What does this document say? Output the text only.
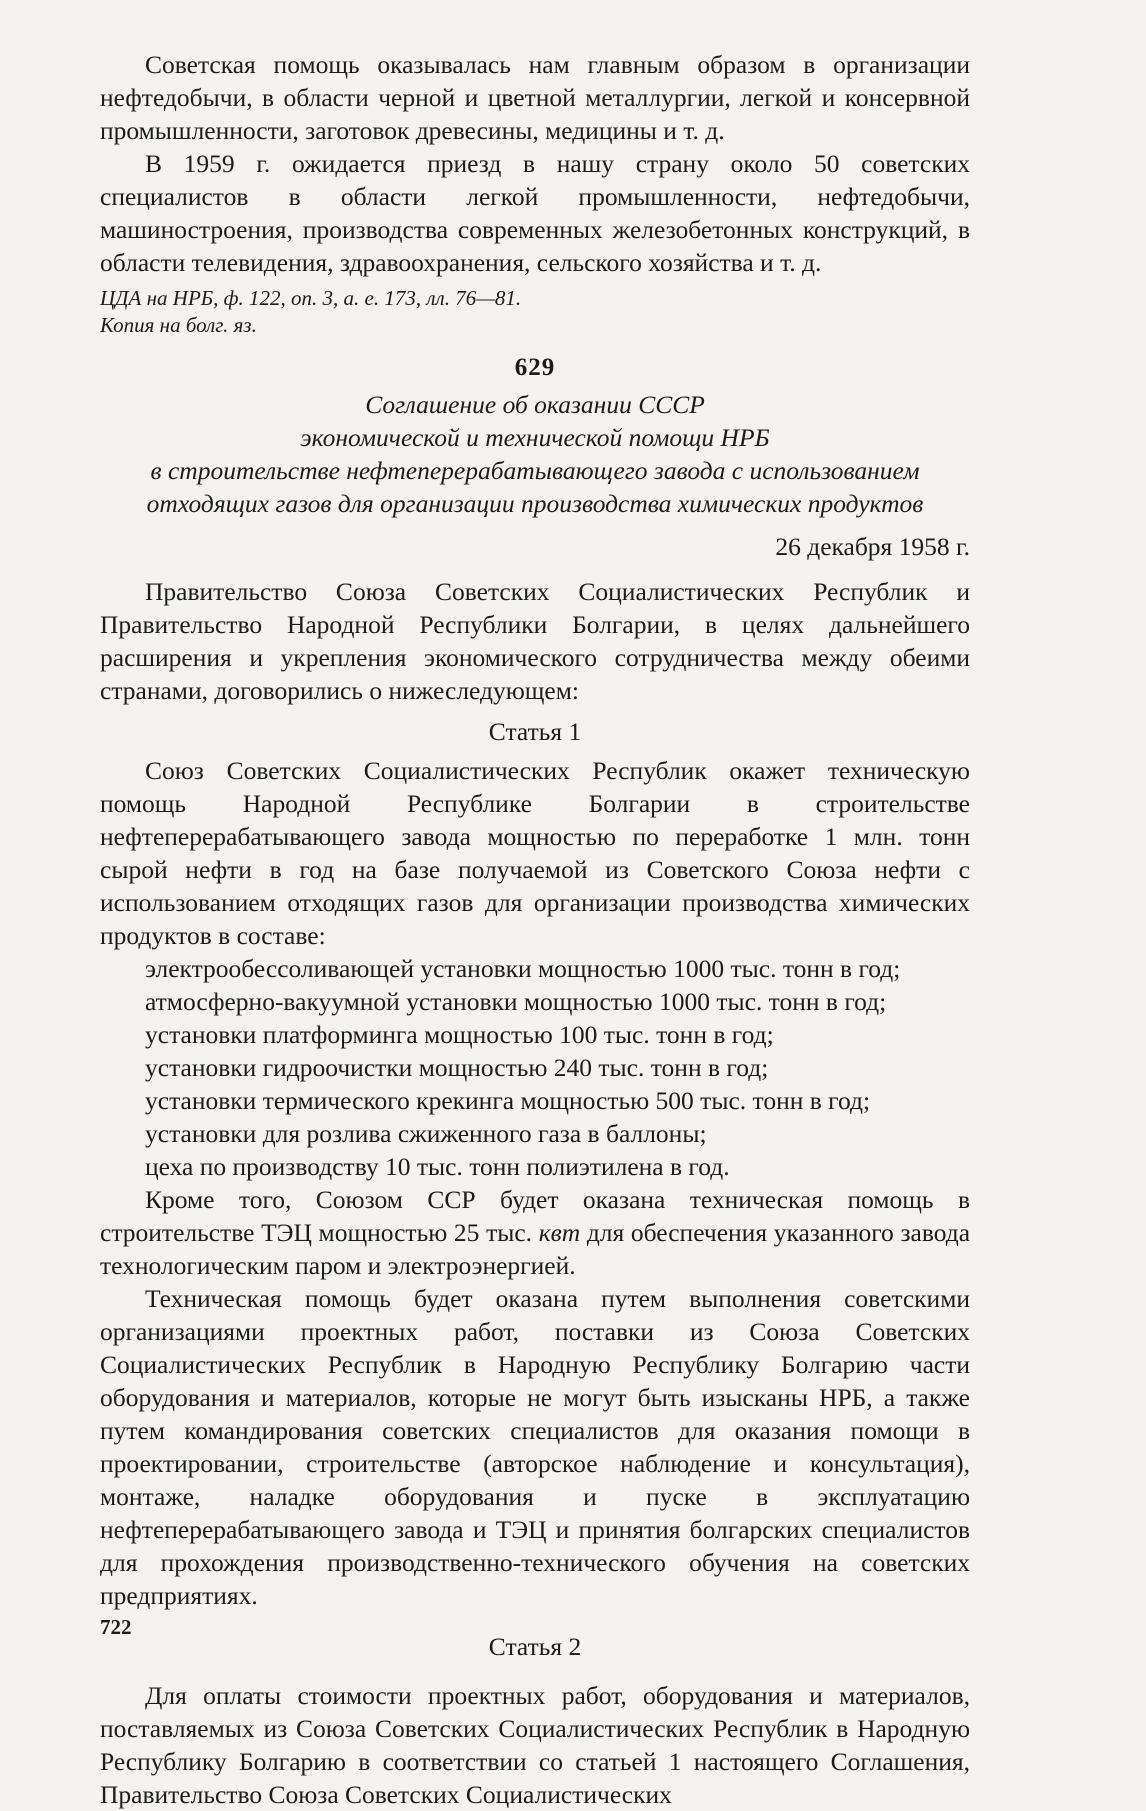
Советская помощь оказывалась нам главным образом в организации нефтедобычи, в области черной и цветной металлургии, легкой и консервной промышленности, заготовок древесины, медицины и т. д.

В 1959 г. ожидается приезд в нашу страну около 50 советских специалистов в области легкой промышленности, нефтедобычи, машиностроения, производства современных железобетонных конструкций, в области телевидения, здравоохранения, сельского хозяйства и т. д.

ЦДА на НРБ, ф. 122, оп. 3, а. е. 173, лл. 76—81.

Копия на болг. яз.

629

Соглашение об оказании СССР

экономической и технической помощи НРБ

в строительстве нефтеперерабатывающего завода с использованием

отходящих газов для организации производства химических продуктов

26 декабря 1958 г.

Правительство Союза Советских Социалистических Республик и Правительство Народной Республики Болгарии, в целях дальнейшего расширения и укрепления экономического сотрудничества между обеими странами, договорились о нижеследующем:

Статья 1

Союз Советских Социалистических Республик окажет техническую помощь Народной Республике Болгарии в строительстве нефтеперерабатывающего завода мощностью по переработке 1 млн. тонн сырой нефти в год на базе получаемой из Советского Союза нефти с использованием отходящих газов для организации производства химических продуктов в составе:

электрообессоливающей установки мощностью 1000 тыс. тонн в год;

атмосферно-вакуумной установки мощностью 1000 тыс. тонн в год;

установки платформинга мощностью 100 тыс. тонн в год;

установки гидроочистки мощностью 240 тыс. тонн в год;

установки термического крекинга мощностью 500 тыс. тонн в год;

установки для розлива сжиженного газа в баллоны;

цеха по производству 10 тыс. тонн полиэтилена в год.

Кроме того, Союзом ССР будет оказана техническая помощь в строительстве ТЭЦ мощностью 25 тыс. квт для обеспечения указанного завода технологическим паром и электроэнергией.

Техническая помощь будет оказана путем выполнения советскими организациями проектных работ, поставки из Союза Советских Социалистических Республик в Народную Республику Болгарию части оборудования и материалов, которые не могут быть изысканы НРБ, а также путем командирования советских специалистов для оказания помощи в проектировании, строительстве (авторское наблюдение и консультация), монтаже, наладке оборудования и пуске в эксплуатацию нефтеперерабатывающего завода и ТЭЦ и принятия болгарских специалистов для прохождения производственно-технического обучения на советских предприятиях.

Статья 2

Для оплаты стоимости проектных работ, оборудования и материалов, поставляемых из Союза Советских Социалистических Республик в Народную Республику Болгарию в соответствии со статьей 1 настоящего Соглашения, Правительство Союза Советских Социалистических

722
